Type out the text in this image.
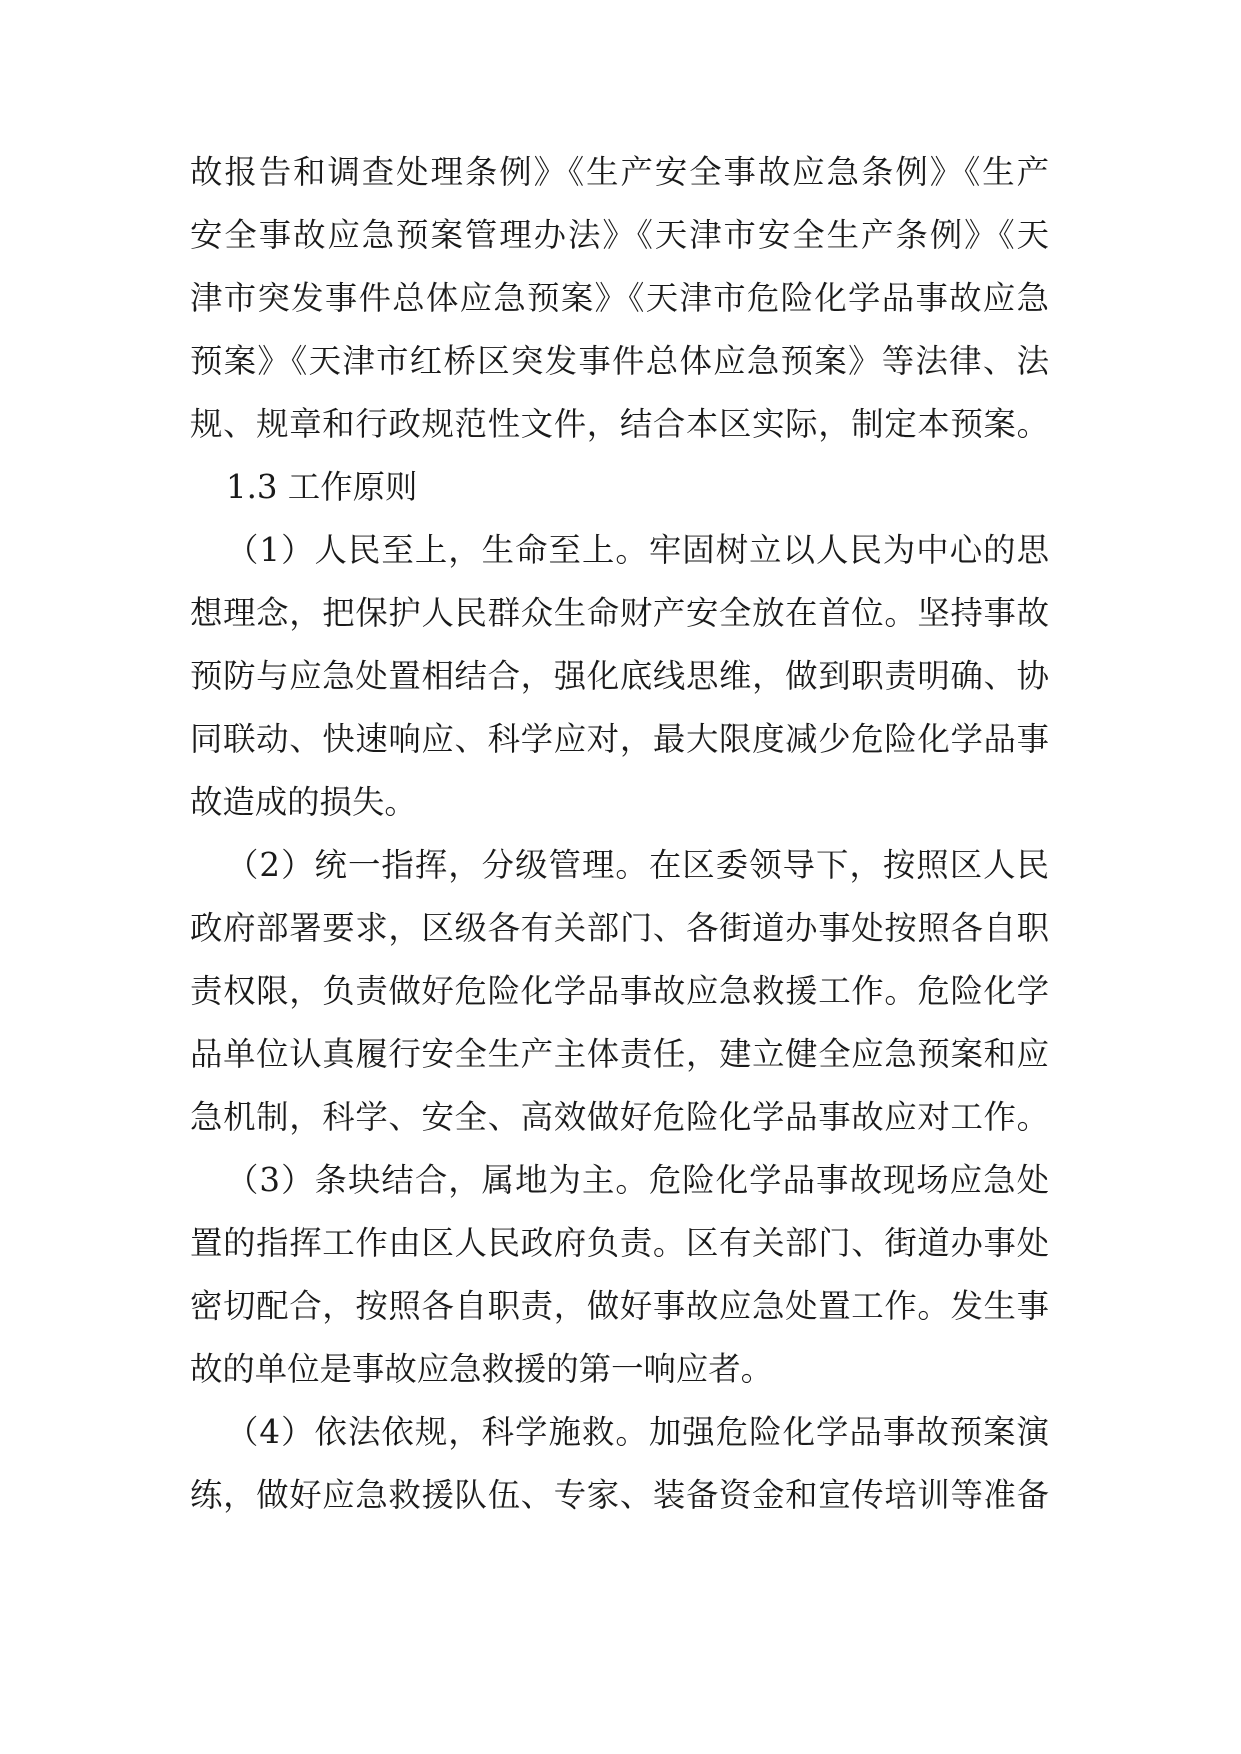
故报告和调查处理条例》《生产安全事故应急条例》《生产
安全事故应急预案管理办法》《天津市安全生产条例》《天
津市突发事件总体应急预案》《天津市危险化学品事故应急
预案》《天津市红桥区突发事件总体应急预案》等法律、法
规、规章和行政规范性文件，结合本区实际，制定本预案。
1.3 工作原则
（1）人民至上，生命至上。牢固树立以人民为中心的思
想理念，把保护人民群众生命财产安全放在首位。坚持事故
预防与应急处置相结合，强化底线思维，做到职责明确、协
同联动、快速响应、科学应对，最大限度减少危险化学品事
故造成的损失。
（2）统一指挥，分级管理。在区委领导下，按照区人民
政府部署要求，区级各有关部门、各街道办事处按照各自职
责权限，负责做好危险化学品事故应急救援工作。危险化学
品单位认真履行安全生产主体责任，建立健全应急预案和应
急机制，科学、安全、高效做好危险化学品事故应对工作。
（3）条块结合，属地为主。危险化学品事故现场应急处
置的指挥工作由区人民政府负责。区有关部门、街道办事处
密切配合，按照各自职责，做好事故应急处置工作。发生事
故的单位是事故应急救援的第一响应者。
（4）依法依规，科学施救。加强危险化学品事故预案演
练，做好应急救援队伍、专家、装备资金和宣传培训等准备
